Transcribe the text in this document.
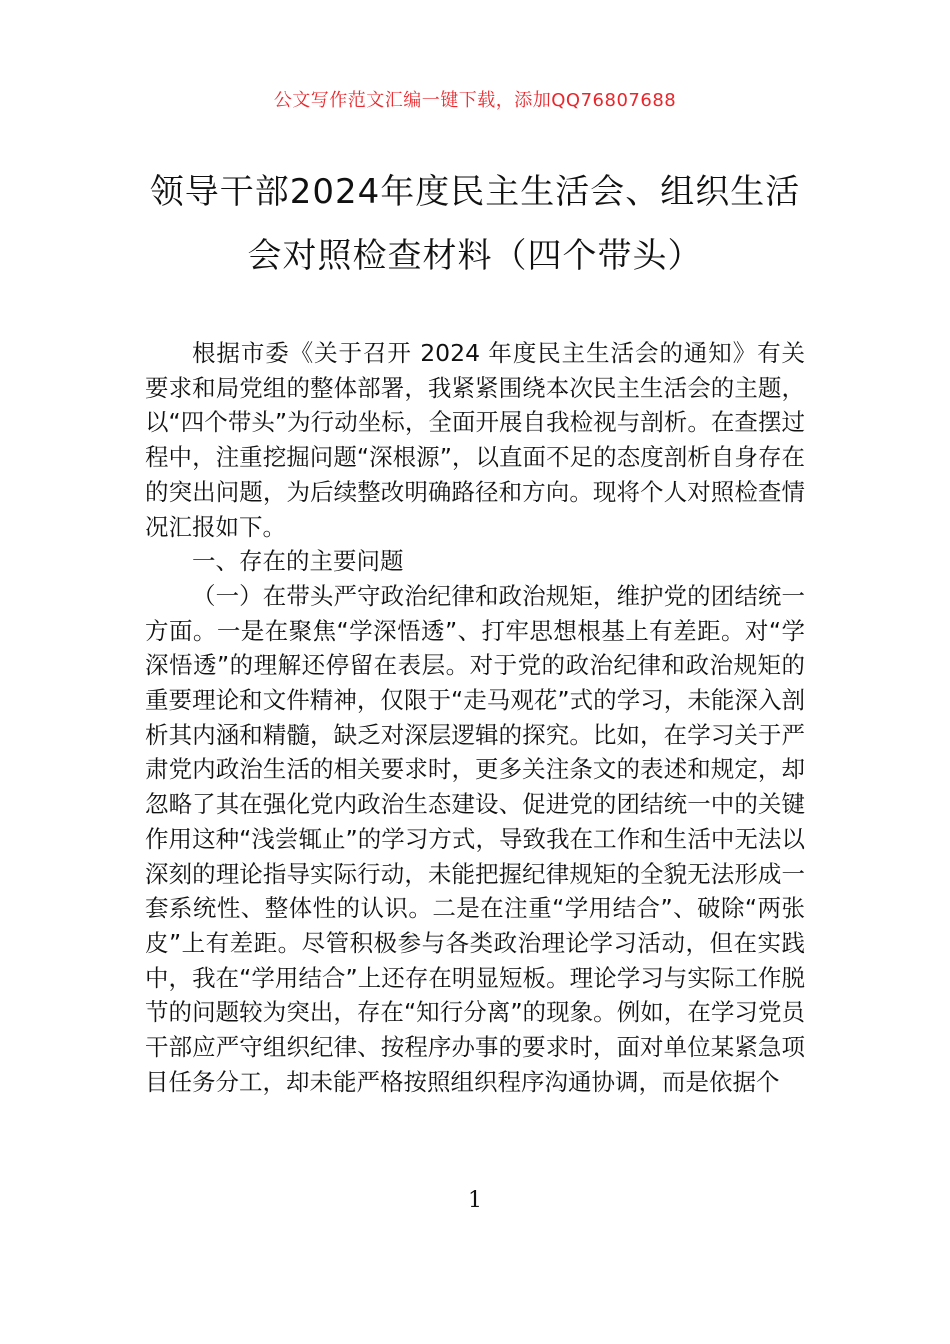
公文写作范文汇编一键下载，添加QQ76807688
领导干部2024年度民主生活会、组织生活
会对照检查材料（四个带头）

根据市委《关于召开 2024 年度民主生活会的通知》有关要求和局党组的整体部署，我紧紧围绕本次民主生活会的主题，以“四个带头”为行动坐标，全面开展自我检视与剖析。在查摆过程中，注重挖掘问题“深根源”，以直面不足的态度剖析自身存在的突出问题，为后续整改明确路径和方向。现将个人对照检查情况汇报如下。

一、存在的主要问题

（一）在带头严守政治纪律和政治规矩，维护党的团结统一方面。一是在聚焦“学深悟透”、打牢思想根基上有差距。对“学深悟透”的理解还停留在表层。对于党的政治纪律和政治规矩的重要理论和文件精神，仅限于“走马观花”式的学习，未能深入剖析其内涵和精髓，缺乏对深层逻辑的探究。比如，在学习关于严肃党内政治生活的相关要求时，更多关注条文的表述和规定，却忽略了其在强化党内政治生态建设、促进党的团结统一中的关键作用这种“浅尝辄止”的学习方式，导致我在工作和生活中无法以深刻的理论指导实际行动，未能把握纪律规矩的全貌无法形成一套系统性、整体性的认识。二是在注重“学用结合”、破除“两张皮”上有差距。尽管积极参与各类政治理论学习活动，但在实践中，我在“学用结合”上还存在明显短板。理论学习与实际工作脱节的问题较为突出，存在“知行分离”的现象。例如，在学习党员干部应严守组织纪律、按程序办事的要求时，面对单位某紧急项目任务分工，却未能严格按照组织程序沟通协调，而是依据个

1
